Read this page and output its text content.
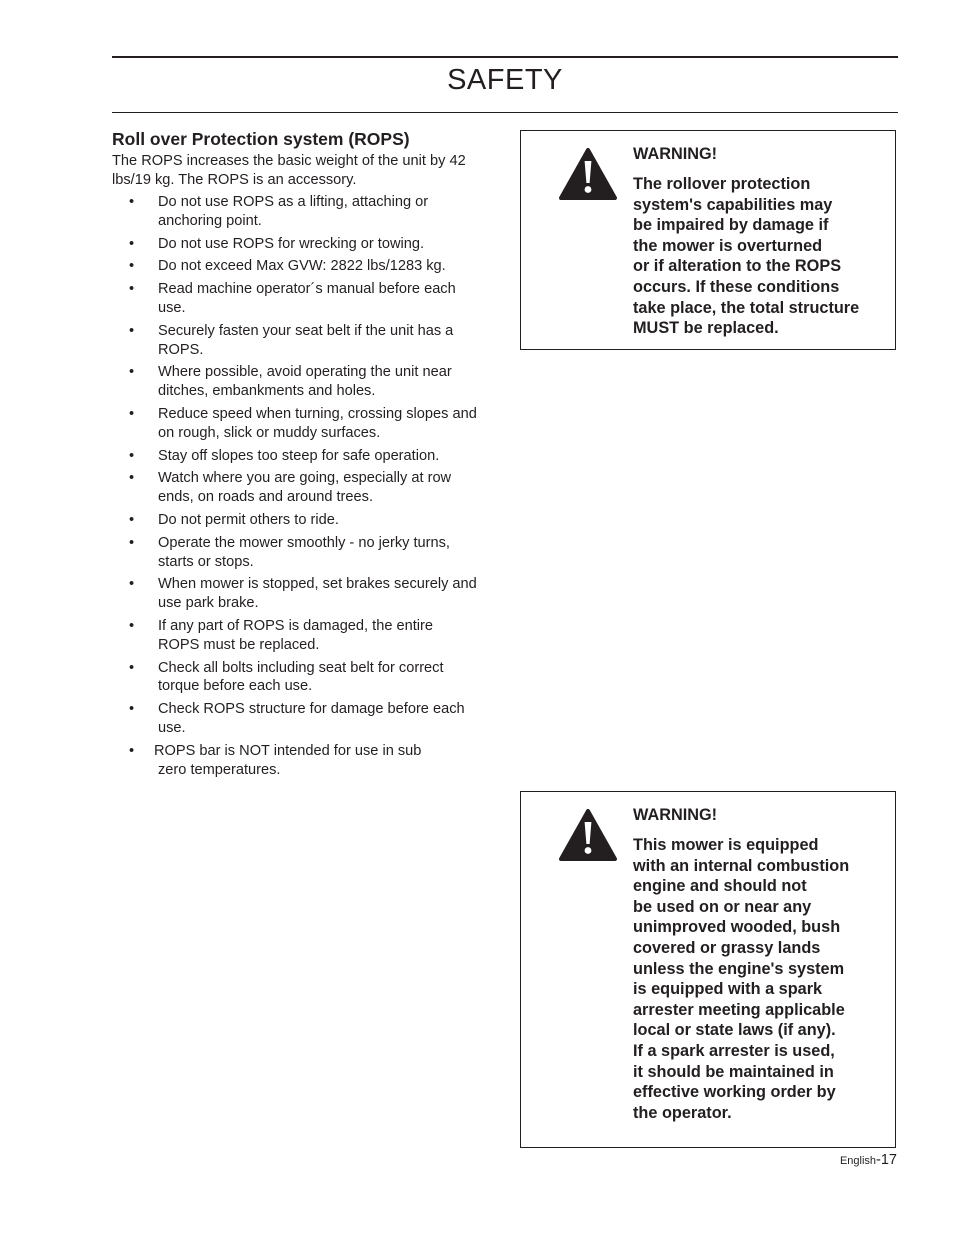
SAFETY
Roll over Protection system (ROPS)
The ROPS increases the basic weight of the unit by 42 lbs/19 kg. The ROPS is an accessory.
• Do not use ROPS as a lifting, attaching or anchoring point.
• Do not use ROPS for wrecking or towing.
• Do not exceed Max GVW: 2822 lbs/1283 kg.
• Read machine operator´s manual before each use.
• Securely fasten your seat belt if the unit has a ROPS.
• Where possible, avoid operating the unit near ditches, embankments and holes.
• Reduce speed when turning, crossing slopes and on rough, slick or muddy surfaces.
• Stay off slopes too steep for safe operation.
• Watch where you are going, especially at row ends, on roads and around trees.
• Do not permit others to ride.
• Operate the mower smoothly - no jerky turns, starts or stops.
• When mower is stopped, set brakes securely and use park brake.
• If any part of ROPS is damaged, the entire ROPS must be replaced.
• Check all bolts including seat belt for correct torque before each use.
• Check ROPS structure for damage before each use.
• ROPS bar is NOT intended for use in sub
zero temperatures.
WARNING!
The rollover protection
system's capabilities may
be impaired by damage if
the mower is overturned
or if alteration to the ROPS
occurs. If these conditions
take place, the total structure
MUST be replaced.
WARNING!
This mower is equipped
with an internal combustion
engine and should not
be used on or near any
unimproved wooded, bush
covered or grassy lands
unless the engine's system
is equipped with a spark
arrester meeting applicable
local or state laws (if any).
If a spark arrester is used,
it should be maintained in
effective working order by
the operator.
English-17
